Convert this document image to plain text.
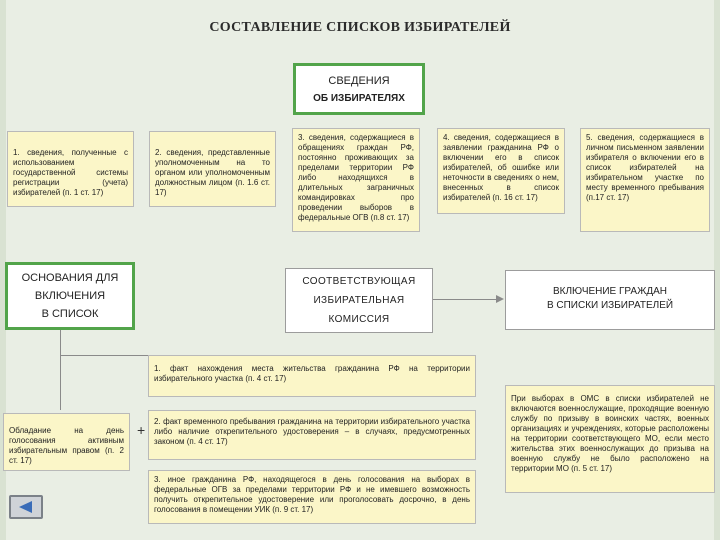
СОСТАВЛЕНИЕ СПИСКОВ ИЗБИРАТЕЛЕЙ
СВЕДЕНИЯ
ОБ ИЗБИРАТЕЛЯХ
1. сведения, полученные с использованием государственной системы регистрации (учета) избирателей (п. 1 ст. 17)
2. сведения, представленные уполномоченным на то органом или уполномоченным должностным лицом (п. 1.6 ст. 17)
3. сведения, содержащиеся в обращениях граждан РФ, постоянно проживающих за пределами территории РФ либо находящихся в длительных заграничных командировках про проведении выборов в федеральные ОГВ (п.8 ст. 17)
4. сведения, содержащиеся в заявлении гражданина РФ о включении его в список избирателей, об ошибке или неточности в сведениях о нем, внесенных в список избирателей (п. 16 ст. 17)
5. сведения, содержащиеся в личном письменном заявлении избирателя о включении его в список избирателей на избирательном участке по месту временного пребывания (п.17 ст. 17)
ОСНОВАНИЯ ДЛЯ
ВКЛЮЧЕНИЯ
В СПИСОК
СООТВЕТСТВУЮЩАЯ
ИЗБИРАТЕЛЬНАЯ
КОМИССИЯ
ВКЛЮЧЕНИЕ ГРАЖДАН
В СПИСКИ ИЗБИРАТЕЛЕЙ
Обладание на день голосования активным избирательным правом (п. 2 ст. 17)
+
1. факт нахождения места жительства гражданина РФ на территории избирательного участка (п. 4 ст. 17)
2. факт временного пребывания гражданина на территории избирательного участка либо наличие открепительного удостоверения – в случаях, предусмотренных законом (п. 4 ст. 17)
3. иное гражданина РФ, находящегося в день голосования на выборах в федеральные ОГВ за пределами территории РФ и не имевшего возможность получить открепительное удостоверение или проголосовать досрочно, в день голосования в помещении УИК (п. 9 ст. 17)
При выборах в ОМС в списки избирателей не включаются военнослужащие, проходящие военную службу по призыву в воинских частях, военных организациях и учреждениях, которые расположены на территории соответствующего МО, если место жительства этих военнослужащих до призыва на военную службу не было расположено на территории МО (п. 5 ст. 17)
